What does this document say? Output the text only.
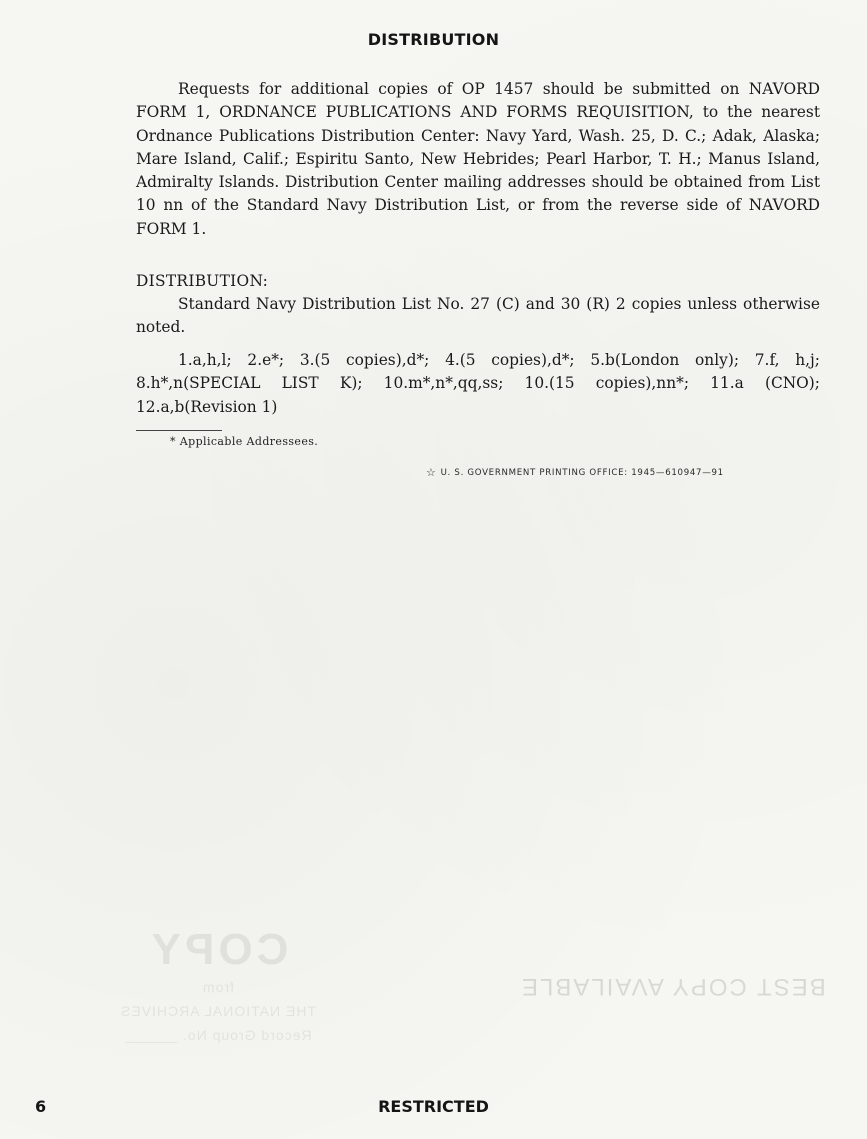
DISTRIBUTION
Requests for additional copies of OP 1457 should be submitted on NAVORD FORM 1, ORDNANCE PUBLICATIONS AND FORMS REQUISITION, to the nearest Ordnance Publications Distribution Center: Navy Yard, Wash. 25, D. C.; Adak, Alaska; Mare Island, Calif.; Espiritu Santo, New Hebrides; Pearl Harbor, T. H.; Manus Island, Admiralty Islands. Distribution Center mailing addresses should be obtained from List 10 nn of the Standard Navy Distribution List, or from the reverse side of NAVORD FORM 1.
DISTRIBUTION:
Standard Navy Distribution List No. 27 (C) and 30 (R) 2 copies unless otherwise noted.
1.a,h,l; 2.e*; 3.(5 copies),d*; 4.(5 copies),d*; 5.b(London only); 7.f, h,j; 8.h*,n(SPECIAL LIST K); 10.m*,n*,qq,ss; 10.(15 copies),nn*; 11.a (CNO); 12.a,b(Revision 1)
* Applicable Addressees.
☆ U. S. GOVERNMENT PRINTING OFFICE: 1945—610947—91
COPY
from
THE NATIONAL ARCHIVES
Record Group No. ______
BEST COPY AVAILABLE
6	RESTRICTED
